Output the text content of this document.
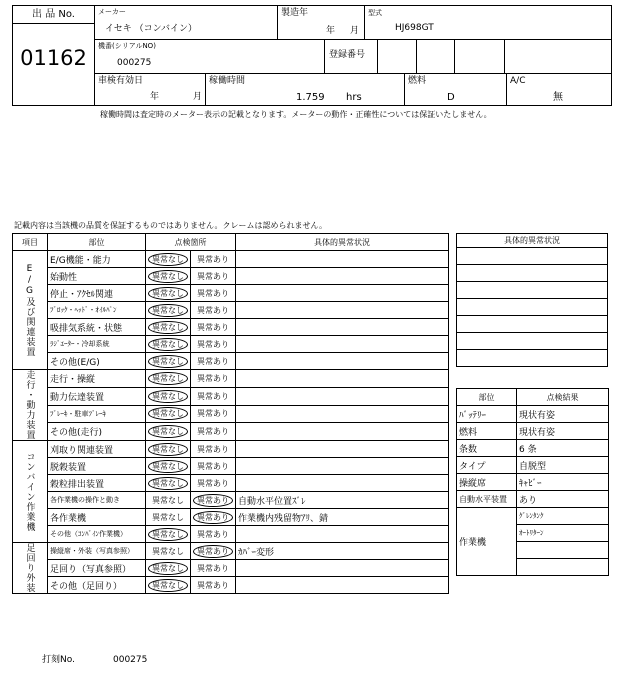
出 品 No.
01162
メーカー
イセキ （コンバイン）
製造年
年 月
型式
HJ698GT
機番(シリアルNO)
000275
登録番号
車検有効日
年	月
稼働時間
1.759 hrs
燃料
D
A/C
無
稼働時間は査定時のメーター表示の記載となります。メーターの動作・正確性については保証いたしません。
記載内容は当該機の品質を保証するものではありません。クレームは認められません。
項目	部位	点検箇所		具体的異常状況

E/G及び関連装置	E/G機能・能力	異常なし	異常あり	
	始動性	異常なし	異常あり	
	停止・ｱｸｾﾙ関連	異常なし	異常あり	
	ﾌﾞﾛｯｸ・ﾍｯﾄﾞ・ｵｲﾙﾊﾟﾝ	異常なし	異常あり	
	吸排気系統・状態	異常なし	異常あり	
	ﾗｼﾞｴｰﾀｰ・冷却系統	異常なし	異常あり	
	その他(E/G)	異常なし	異常あり	

走行・動力装置	走行・操縦	異常なし	異常あり	
	動力伝達装置	異常なし	異常あり	
	ﾌﾞﾚｰｷ・駐車ﾌﾞﾚｰｷ	異常なし	異常あり	
	その他(走行)	異常なし	異常あり	

コンバイン作業機	刈取り関連装置	異常なし	異常あり	
	脱穀装置	異常なし	異常あり	
	穀粒排出装置	異常なし	異常あり	
	各作業機の操作と動き	異常なし	異常あり	自動水平位置ｽﾞﾚ
	各作業機	異常なし	異常あり	作業機内残留物ｱﾘ、錆
	その他（ｺﾝﾊﾞｲﾝ作業機）	異常なし	異常あり	

足回り外装	操縦席・外装（写真参照）	異常なし	異常あり	ｶﾊﾞｰ変形
	足回り（写真参照）	異常なし	異常あり	
	その他（足回り）	異常なし	異常あり	
具体的異常状況

部位	点検結果
ﾊﾞｯﾃﾘｰ	現状有姿
燃料	現状有姿
条数	6 条
タイプ	自脱型
操縦席	ｷｬﾋﾞｰ
自動水平装置	あり
作業機	ｸﾞﾚﾝﾀﾝｸ
	ｵｰﾄﾘﾀｰﾝ

打刻No.	000275
